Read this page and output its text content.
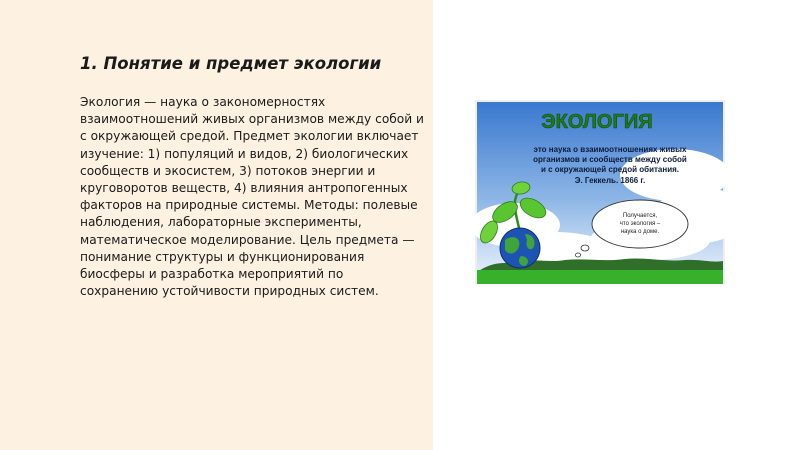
1. Понятие и предмет экологии

Экология — наука о закономерностях взаимоотношений живых организмов между собой и с окружающей средой. Предмет экологии включает изучение: 1) популяций и видов, 2) биологических сообществ и экосистем, 3) потоков энергии и круговоротов веществ, 4) влияния антропогенных факторов на природные системы. Методы: полевые наблюдения, лабораторные эксперименты, математическое моделирование. Цель предмета — понимание структуры и функционирования биосферы и разработка мероприятий по сохранению устойчивости природных систем.

ЭКОЛОГИЯ
это наука о взаимоотношениях живых
организмов и сообществ между собой
и с окружающей средой обитания.
Э. Геккель. 1866 г.
Получается,
что экология –
наука о доме.
